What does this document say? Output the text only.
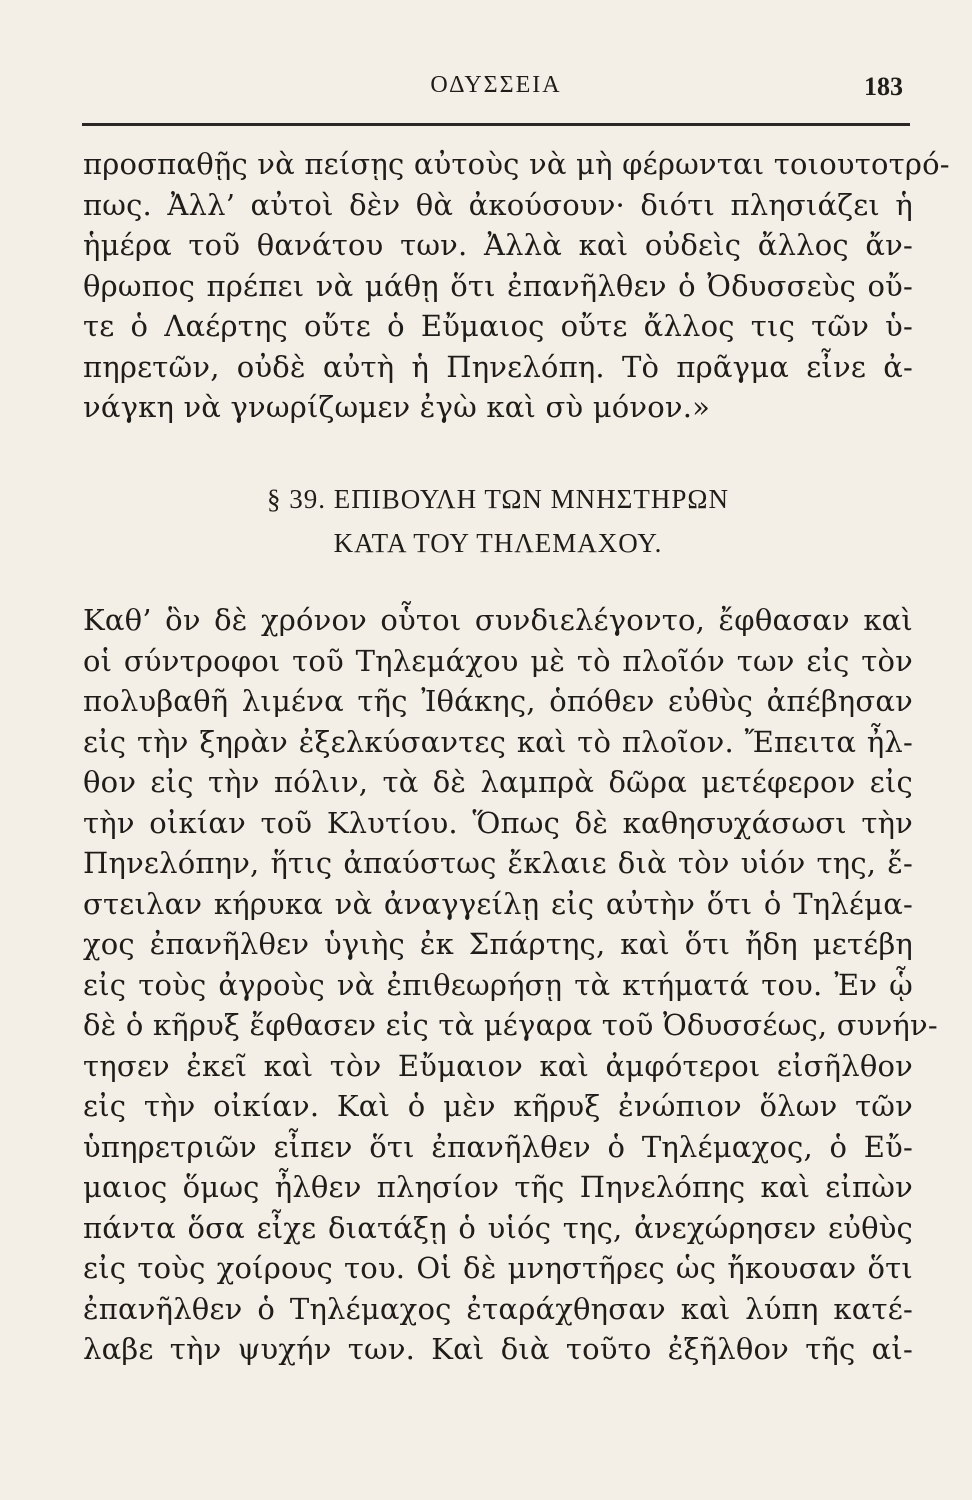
ΟΔΥΣΣΕΙΑ	183
προσπαθῇς νὰ πείσῃς αὐτοὺς νὰ μὴ φέρωνται τοιουτοτρό-
πως. Ἀλλ’ αὐτοὶ δὲν θὰ ἀκούσουν· διότι πλησιάζει ἡ
ἡμέρα τοῦ θανάτου των. Ἀλλὰ καὶ οὐδεὶς ἄλλος ἄν-
θρωπος πρέπει νὰ μάθῃ ὅτι ἐπανῆλθεν ὁ Ὀδυσσεὺς οὔ-
τε ὁ Λαέρτης οὔτε ὁ Εὔμαιος οὔτε ἄλλος τις τῶν ὑ-
πηρετῶν, οὐδὲ αὐτὴ ἡ Πηνελόπη. Τὸ πρᾶγμα εἶνε ἀ-
νάγκη νὰ γνωρίζωμεν ἐγὼ καὶ σὺ μόνον.»
§ 39. ΕΠΙΒΟΥΛΗ ΤΩΝ ΜΝΗΣΤΗΡΩΝ
ΚΑΤΑ ΤΟΥ ΤΗΛΕΜΑΧΟΥ.
Καθ’ ὃν δὲ χρόνον οὗτοι συνδιελέγοντο, ἔφθασαν καὶ
οἱ σύντροφοι τοῦ Τηλεμάχου μὲ τὸ πλοῖόν των εἰς τὸν
πολυβαθῆ λιμένα τῆς Ἰθάκης, ὁπόθεν εὐθὺς ἀπέβησαν
εἰς τὴν ξηρὰν ἐξελκύσαντες καὶ τὸ πλοῖον. Ἔπειτα ἦλ-
θον εἰς τὴν πόλιν, τὰ δὲ λαμπρὰ δῶρα μετέφερον εἰς
τὴν οἰκίαν τοῦ Κλυτίου. Ὅπως δὲ καθησυχάσωσι τὴν
Πηνελόπην, ἥτις ἀπαύστως ἔκλαιε διὰ τὸν υἱόν της, ἔ-
στειλαν κήρυκα νὰ ἀναγγείλῃ εἰς αὐτὴν ὅτι ὁ Τηλέμα-
χος ἐπανῆλθεν ὑγιὴς ἐκ Σπάρτης, καὶ ὅτι ἤδη μετέβη
εἰς τοὺς ἀγροὺς νὰ ἐπιθεωρήσῃ τὰ κτήματά του. Ἐν ᾧ
δὲ ὁ κῆρυξ ἔφθασεν εἰς τὰ μέγαρα τοῦ Ὀδυσσέως, συνήν-
τησεν ἐκεῖ καὶ τὸν Εὔμαιον καὶ ἀμφότεροι εἰσῆλθον
εἰς τὴν οἰκίαν. Καὶ ὁ μὲν κῆρυξ ἐνώπιον ὅλων τῶν
ὑπηρετριῶν εἶπεν ὅτι ἐπανῆλθεν ὁ Τηλέμαχος, ὁ Εὔ-
μαιος ὅμως ἦλθεν πλησίον τῆς Πηνελόπης καὶ εἰπὼν
πάντα ὅσα εἶχε διατάξῃ ὁ υἱός της, ἀνεχώρησεν εὐθὺς
εἰς τοὺς χοίρους του. Οἱ δὲ μνηστῆρες ὡς ἤκουσαν ὅτι
ἐπανῆλθεν ὁ Τηλέμαχος ἐταράχθησαν καὶ λύπη κατέ-
λαβε τὴν ψυχήν των. Καὶ διὰ τοῦτο ἐξῆλθον τῆς αἰ-
